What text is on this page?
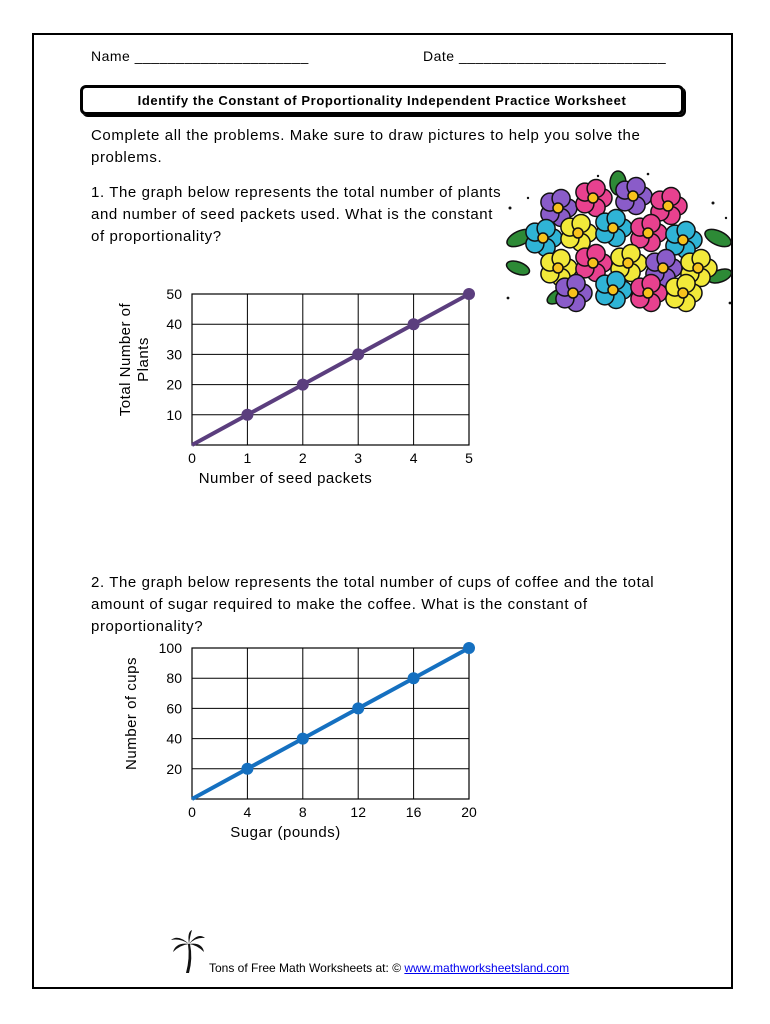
Name _____________________	Date _________________________
Identify the Constant of Proportionality Independent Practice Worksheet
Complete all the problems. Make sure to draw pictures to help you solve the problems.
1. The graph below represents the total number of plants and number of seed packets used. What is the constant of proportionality?
0	1	2	3	4	5
10
20
30
40
50
Number of seed packets
Total Number of Plants
2. The graph below represents the total number of cups of coffee and the total amount of sugar required to make the coffee. What is the constant of proportionality?
0	4	8	12	16	20
20
40
60
80
100
Sugar (pounds)
Number of cups
Tons of Free Math Worksheets at: © www.mathworksheetsland.com
